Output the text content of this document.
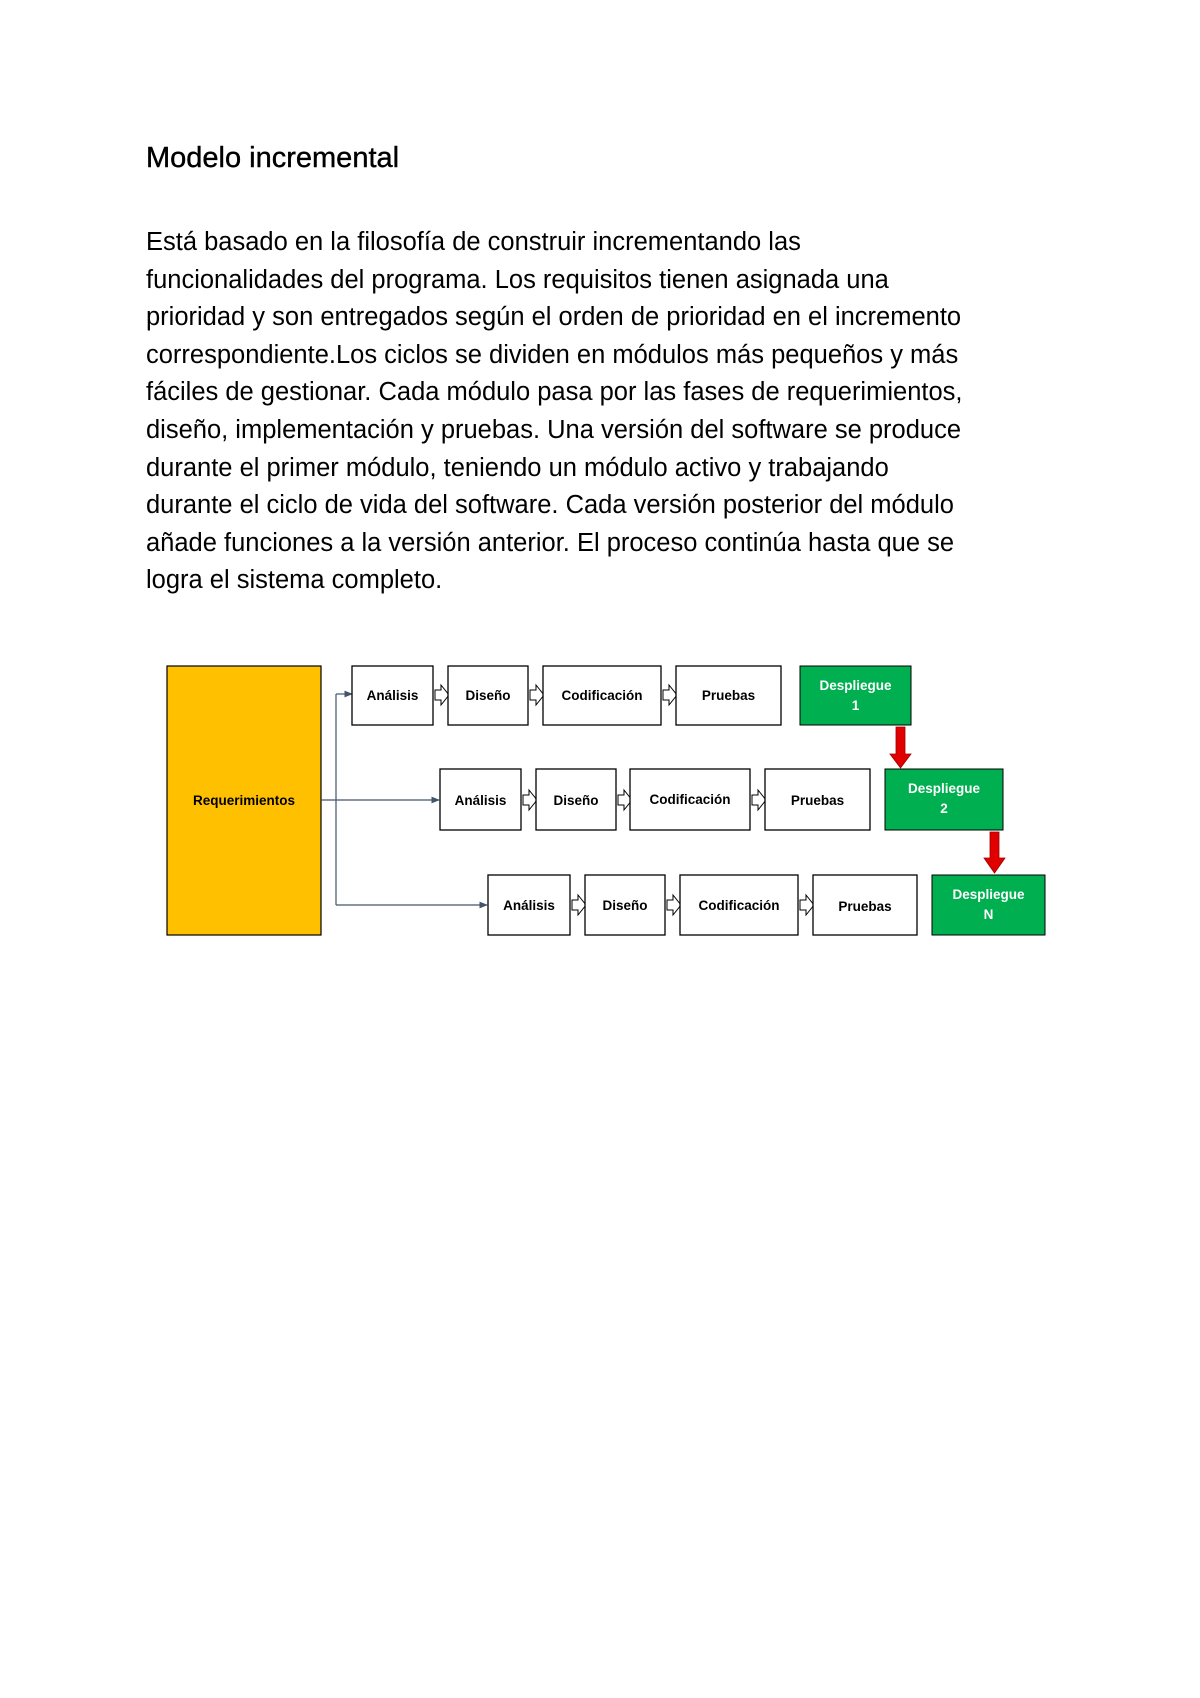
Modelo incremental

Está basado en la filosofía de construir incrementando las
funcionalidades del programa. Los requisitos tienen asignada una
prioridad y son entregados según el orden de prioridad en el incremento
correspondiente.Los ciclos se dividen en módulos más pequeños y más
fáciles de gestionar. Cada módulo pasa por las fases de requerimientos,
diseño, implementación y pruebas. Una versión del software se produce
durante el primer módulo, teniendo un módulo activo y trabajando
durante el ciclo de vida del software. Cada versión posterior del módulo
añade funciones a la versión anterior. El proceso continúa hasta que se
logra el sistema completo.

Requerimientos
Análisis	Diseño	Codificación	Pruebas
Despliegue
1
Análisis	Diseño	Codificación	Pruebas
Despliegue
2
Análisis	Diseño	Codificación	Pruebas
Despliegue
N
